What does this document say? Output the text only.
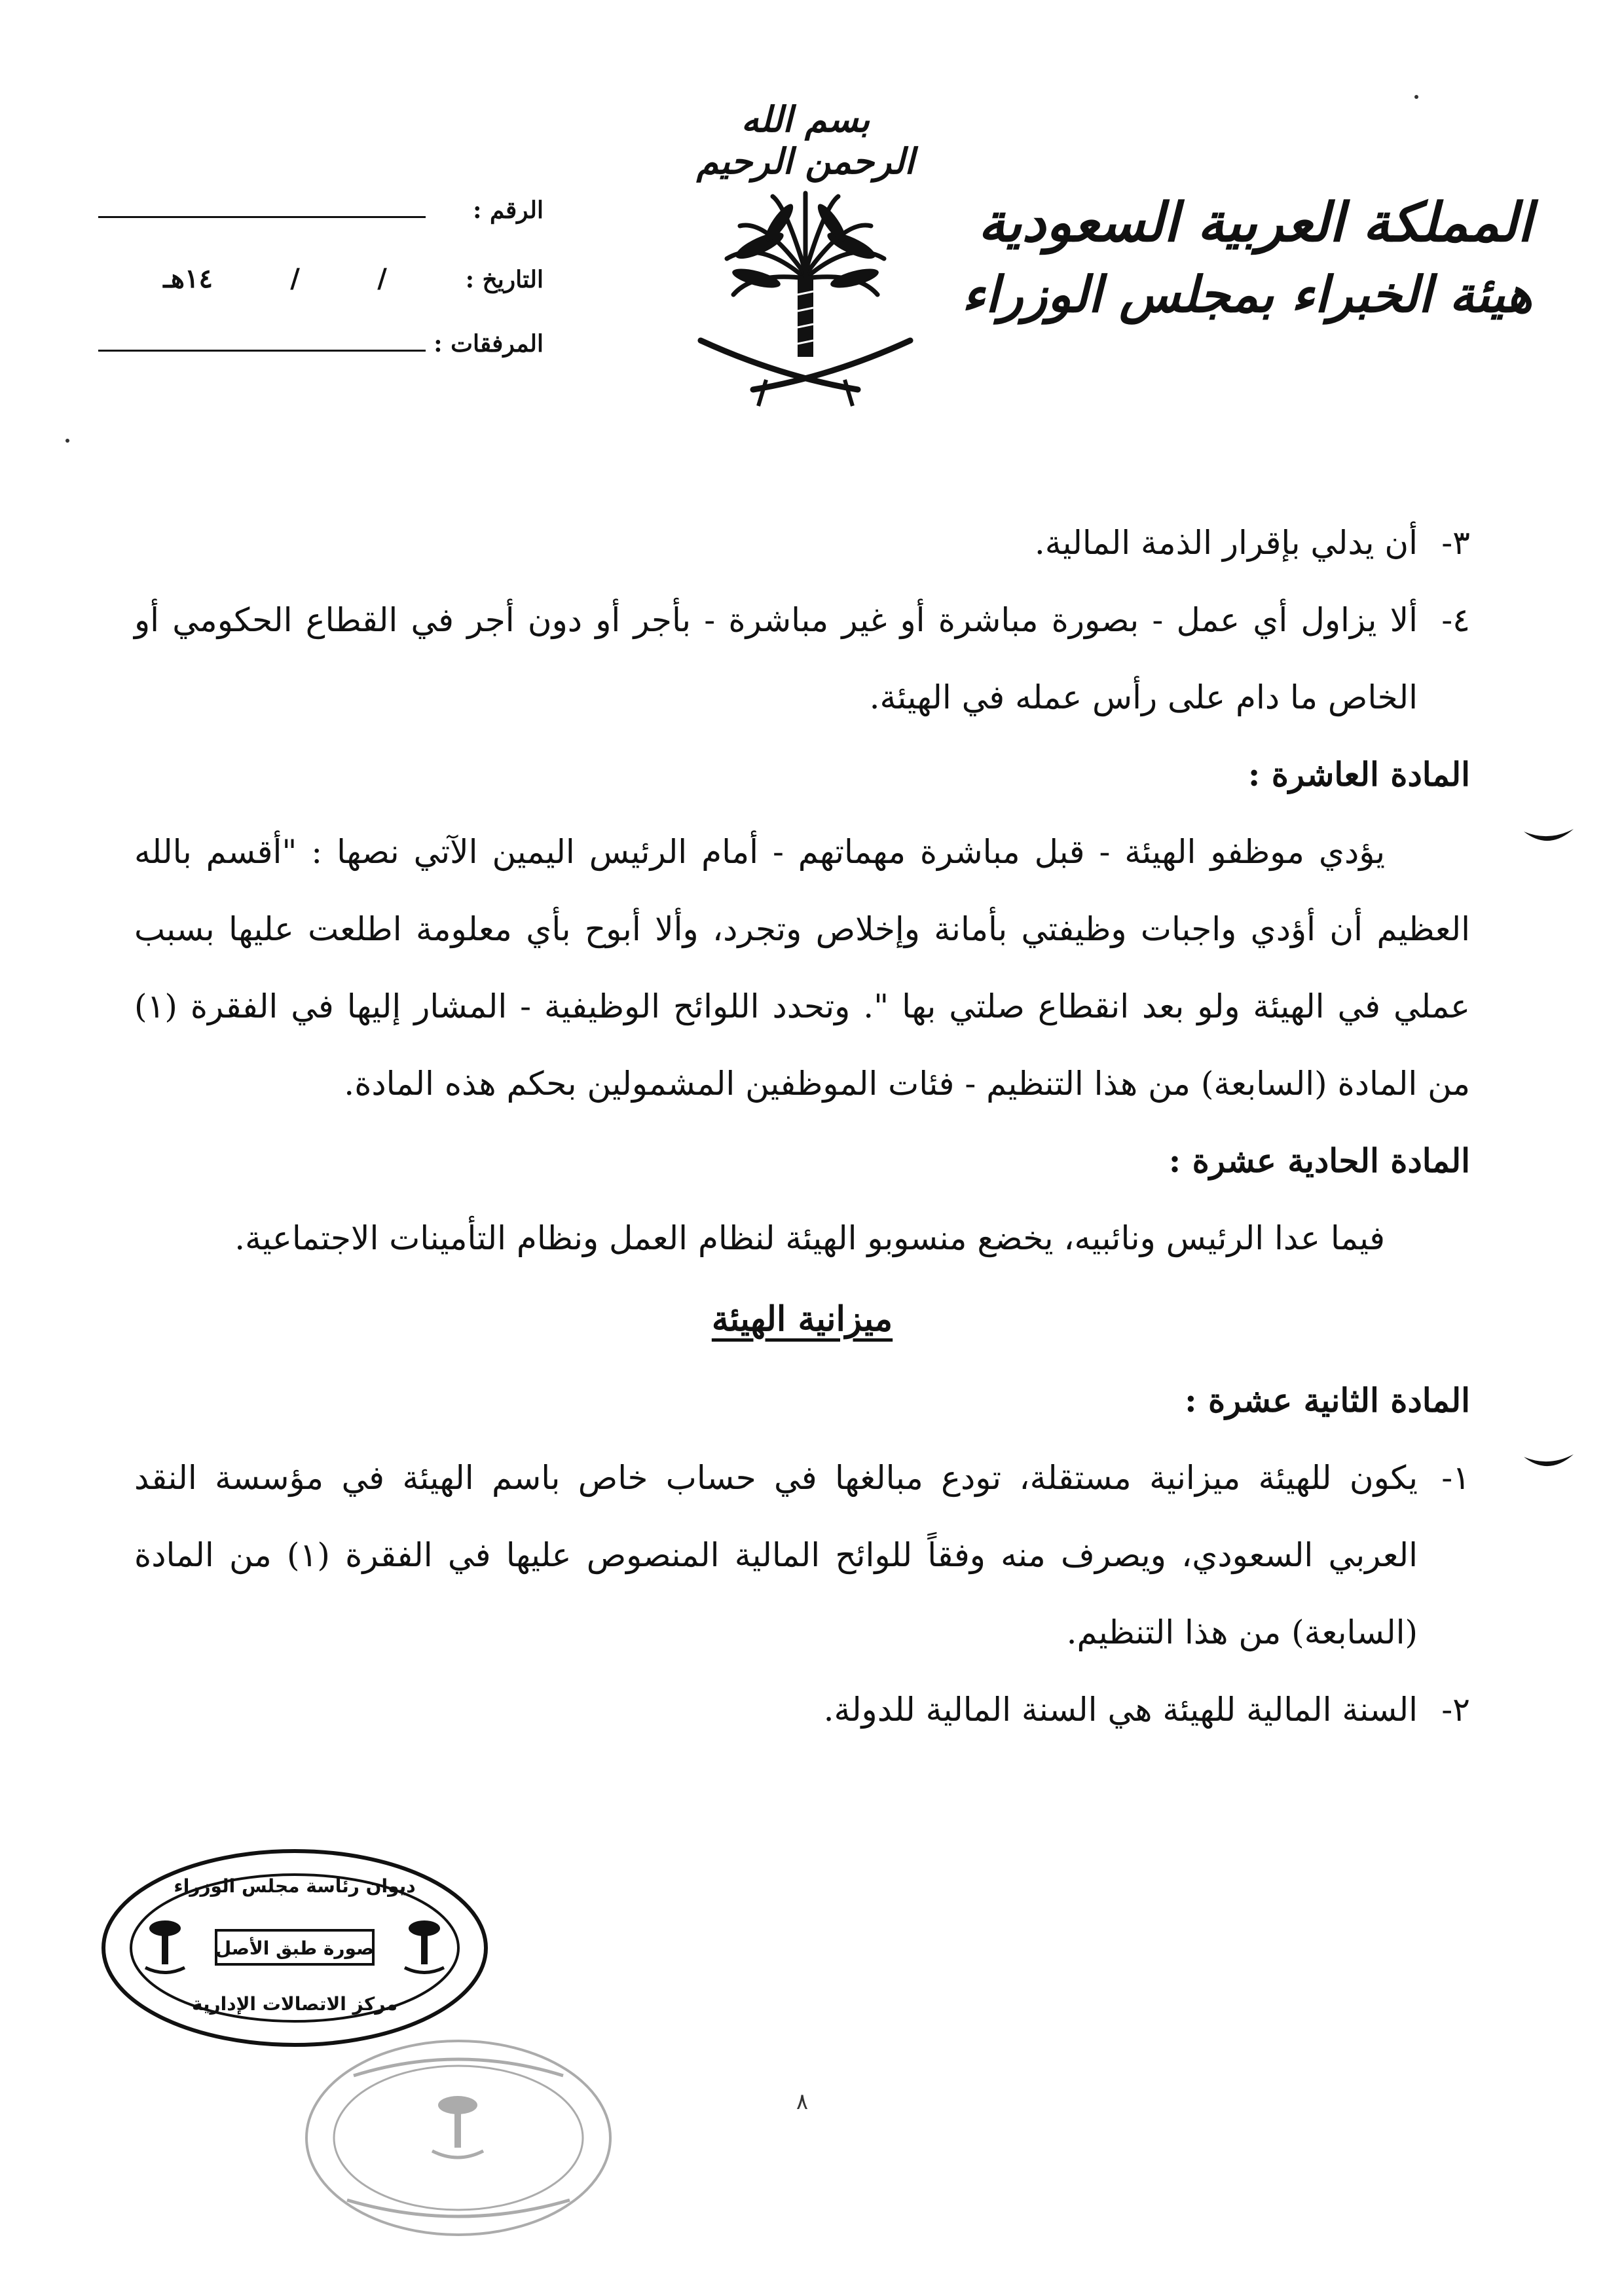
بسم الله الرحمن الرحيم
المملكة العربية السعودية
هيئة الخبراء بمجلس الوزراء
الرقم :
التاريخ :
/
/
١٤هـ
المرفقات :
٣-
أن يدلي بإقرار الذمة المالية.
٤-
ألا يزاول أي عمل - بصورة مباشرة أو غير مباشرة - بأجر أو دون أجر في القطاع الحكومي أو الخاص ما دام على رأس عمله في الهيئة.

المادة العاشرة :

يؤدي موظفو الهيئة - قبل مباشرة مهماتهم - أمام الرئيس اليمين الآتي نصها : "أقسم بالله العظيم أن أؤدي واجبات وظيفتي بأمانة وإخلاص وتجرد، وألا أبوح بأي معلومة اطلعت عليها بسبب عملي في الهيئة ولو بعد انقطاع صلتي بها ". وتحدد اللوائح الوظيفية - المشار إليها في الفقرة (١) من المادة (السابعة) من هذا التنظيم - فئات الموظفين المشمولين بحكم هذه المادة.

المادة الحادية عشرة :

فيما عدا الرئيس ونائبيه، يخضع منسوبو الهيئة لنظام العمل ونظام التأمينات الاجتماعية.

ميزانية الهيئة

المادة الثانية عشرة :

١-
يكون للهيئة ميزانية مستقلة، تودع مبالغها في حساب خاص باسم الهيئة في مؤسسة النقد العربي السعودي، ويصرف منه وفقاً للوائح المالية المنصوص عليها في الفقرة (١) من المادة (السابعة) من هذا التنظيم.
٢-
السنة المالية للهيئة هي السنة المالية للدولة.
ديوان رئاسة مجلس الوزراء
صورة طبق الأصل
مركز الاتصالات الإدارية
٨
